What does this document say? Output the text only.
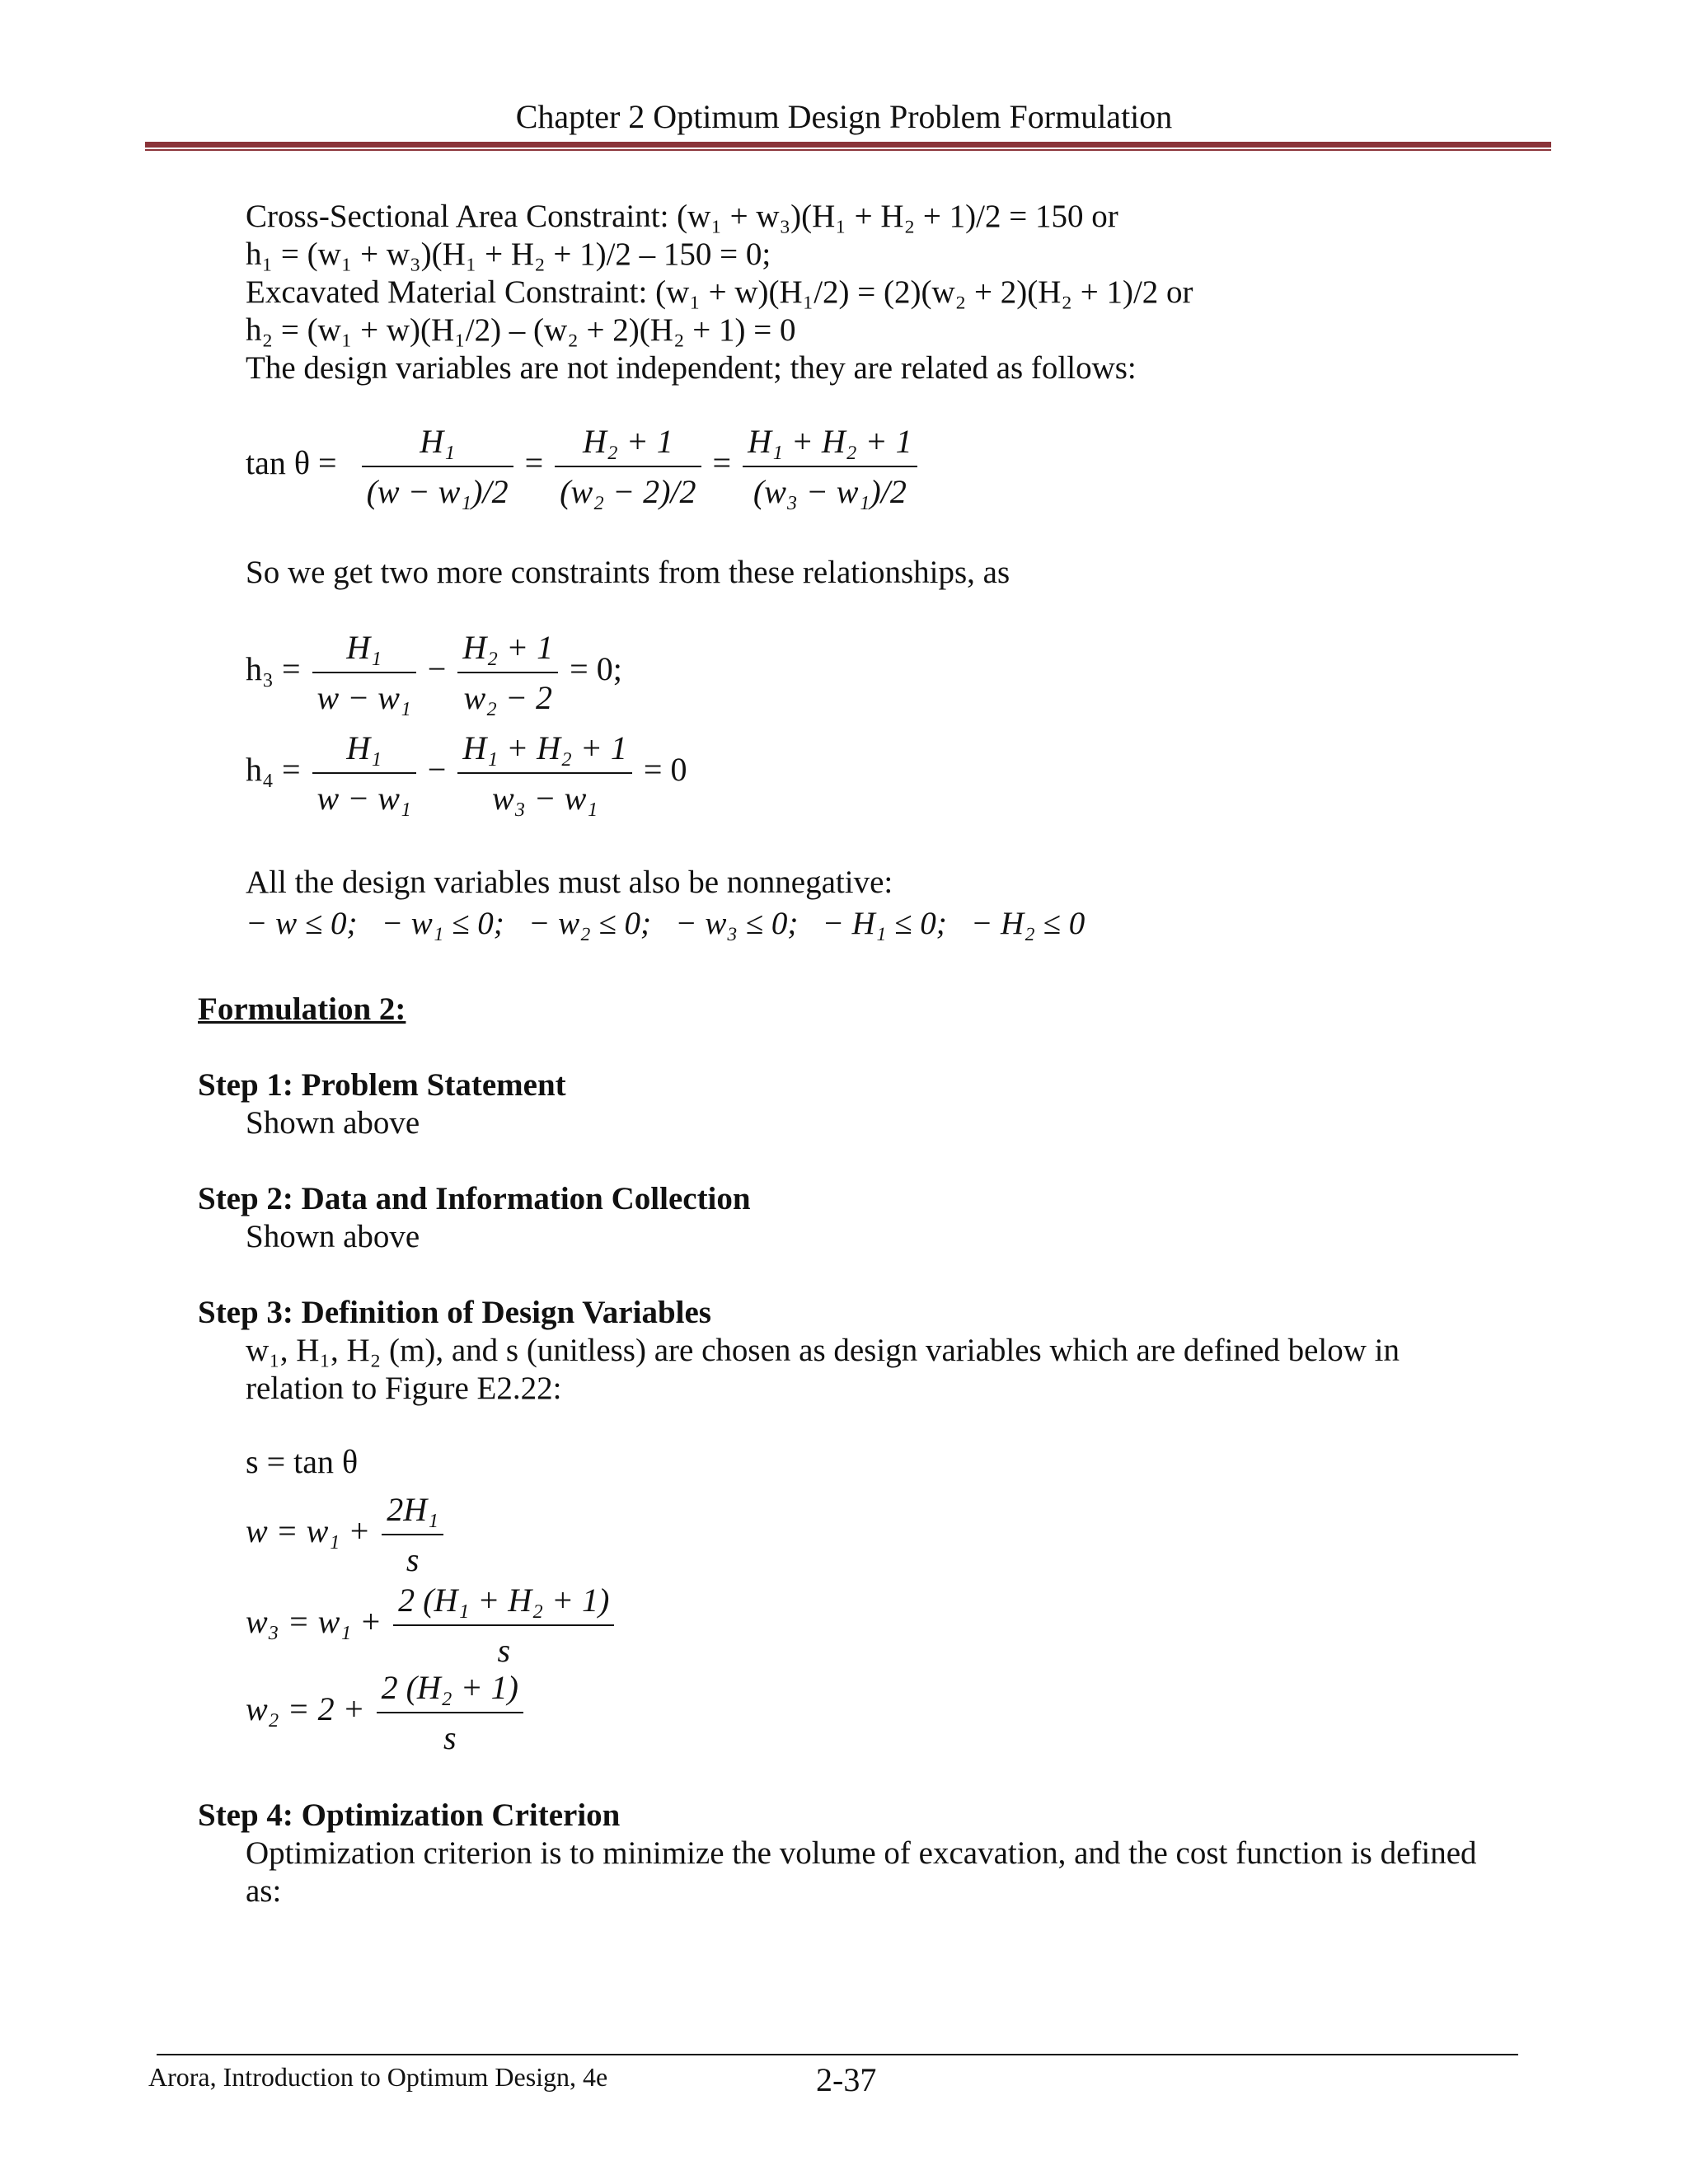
Chapter 2 Optimum Design Problem Formulation
Cross-Sectional Area Constraint: (w₁ + w₃)(H₁ + H₂ + 1)/2 = 150 or
h₁ = (w₁ + w₃)(H₁ + H₂ + 1)/2 – 150 = 0;
Excavated Material Constraint: (w₁ + w)(H₁/2) = (2)(w₂ + 2)(H₂ + 1)/2 or
h₂ = (w₁ + w)(H₁/2) – (w₂ + 2)(H₂ + 1) = 0
The design variables are not independent; they are related as follows:
$\tan \theta = \frac{\text{H₁}}{\text{(w − w₁)/2}} = \frac{\text{H₂ + 1}}{\text{(w₂ − 2)/2}} = \frac{\text{H₁ + H₂ + 1}}{\text{(w₃ − w₁)/2}}$
So we get two more constraints from these relationships, as
$h_3 = \frac{\text{H₁}}{\text{w − w₁}} - \frac{\text{H₂ + 1}}{\text{w₂ − 2}} = 0$;
$h_4 = \frac{\text{H₁}}{\text{w − w₁}} - \frac{\text{H₁ + H₂ + 1}}{\text{w₃ − w₁}} = 0$
All the design variables must also be nonnegative:
− w ≤ 0;   − w₁ ≤ 0;   − w₂ ≤ 0;   − w₃ ≤ 0;   − H₁ ≤ 0;   − H₂ ≤ 0
Formulation 2:
Step 1: Problem Statement
Shown above
Step 2: Data and Information Collection
Shown above
Step 3: Definition of Design Variables
w₁, H₁, H₂ (m), and s (unitless) are chosen as design variables which are defined below in
relation to Figure E2.22:
s = tan θ
$w = w_1 + \frac{\text{2H₁}}{s}$
$w_3 = w_1 + \frac{\text{2 (H₁ + H₂ + 1)}}{s}$
$w_2 = 2 + \frac{\text{2 (H₂ + 1)}}{s}$
Step 4: Optimization Criterion
Optimization criterion is to minimize the volume of excavation, and the cost function is defined
as:
Arora, Introduction to Optimum Design, 4e	2-37
